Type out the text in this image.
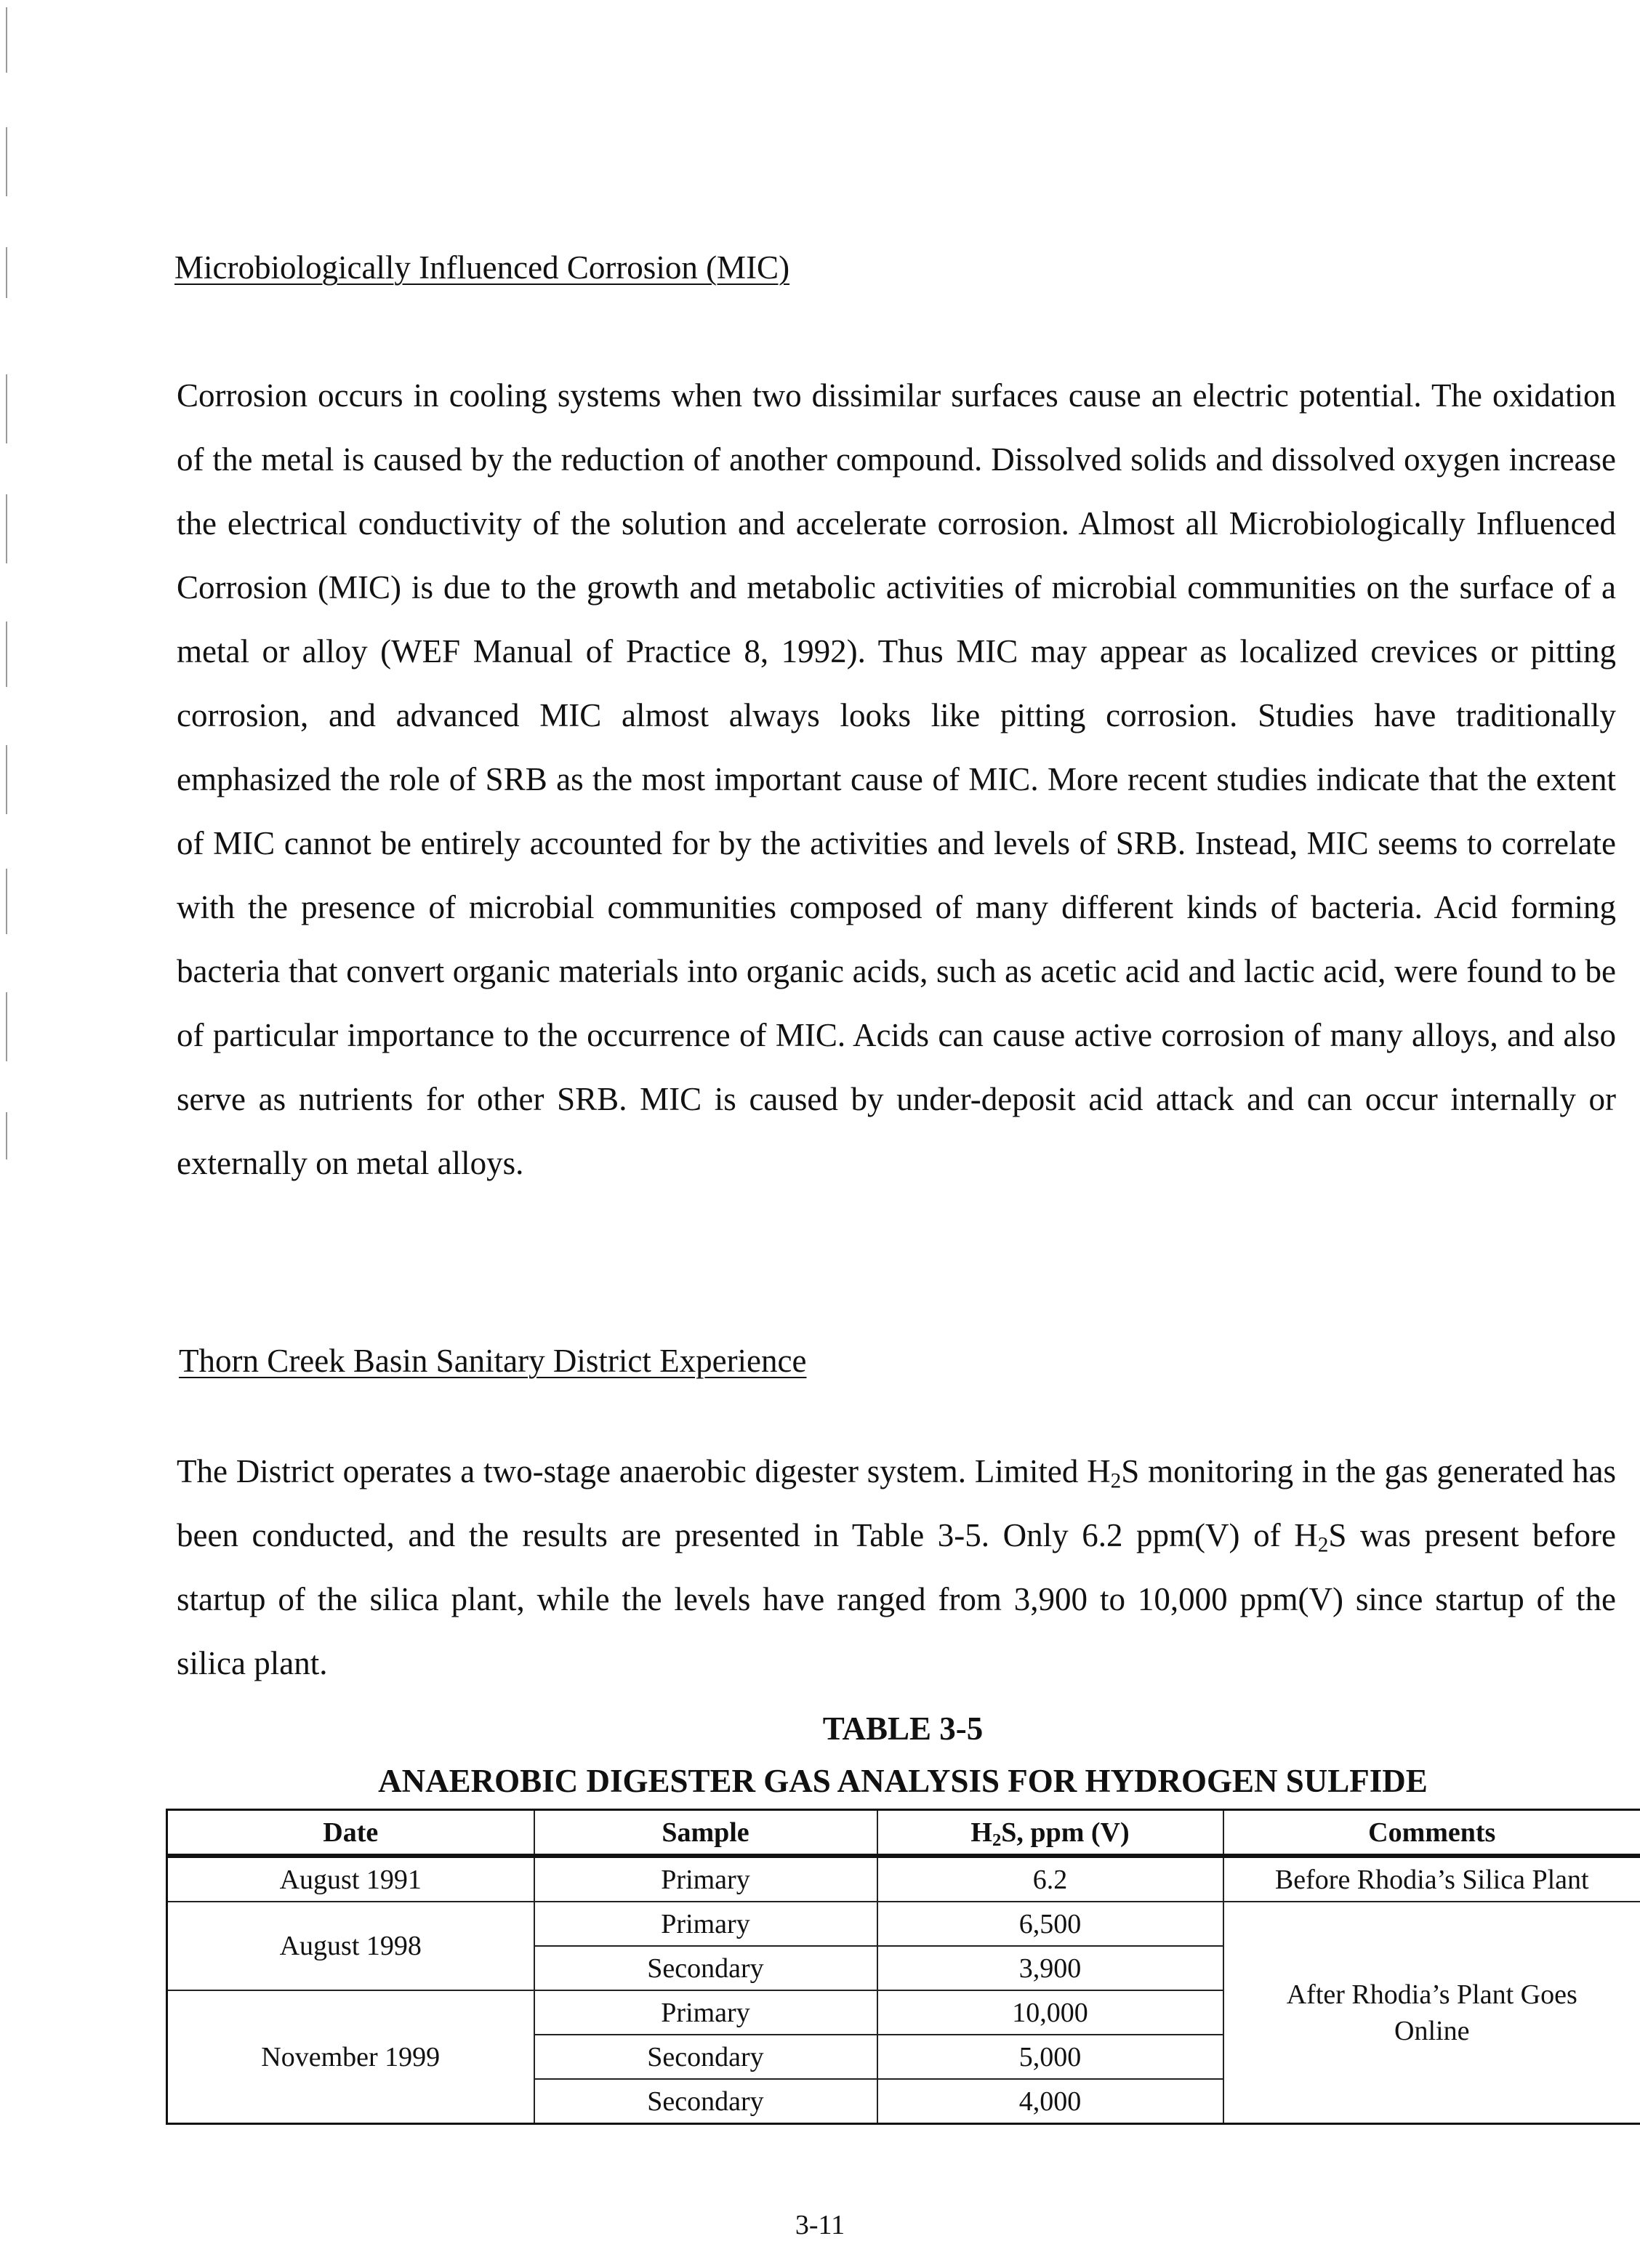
Microbiologically Influenced Corrosion (MIC)

Corrosion occurs in cooling systems when two dissimilar surfaces cause an electric potential. The oxidation of the metal is caused by the reduction of another compound. Dissolved solids and dissolved oxygen increase the electrical conductivity of the solution and accelerate corrosion. Almost all Microbiologically Influenced Corrosion (MIC) is due to the growth and metabolic activities of microbial communities on the surface of a metal or alloy (WEF Manual of Practice 8, 1992). Thus MIC may appear as localized crevices or pitting corrosion, and advanced MIC almost always looks like pitting corrosion. Studies have traditionally emphasized the role of SRB as the most important cause of MIC. More recent studies indicate that the extent of MIC cannot be entirely accounted for by the activities and levels of SRB. Instead, MIC seems to correlate with the presence of microbial communities composed of many different kinds of bacteria. Acid forming bacteria that convert organic materials into organic acids, such as acetic acid and lactic acid, were found to be of particular importance to the occurrence of MIC. Acids can cause active corrosion of many alloys, and also serve as nutrients for other SRB. MIC is caused by under-deposit acid attack and can occur internally or externally on metal alloys.

Thorn Creek Basin Sanitary District Experience

The District operates a two-stage anaerobic digester system. Limited $H_2S$ monitoring in the gas generated has been conducted, and the results are presented in Table 3-5. Only 6.2 ppm(V) of $H_2S$ was present before startup of the silica plant, while the levels have ranged from 3,900 to 10,000 ppm(V) since startup of the silica plant.

TABLE 3-5
ANAEROBIC DIGESTER GAS ANALYSIS FOR HYDROGEN SULFIDE
Date	Sample	$H_2S$, ppm (V)	Comments
August 1991	Primary	6.2	Before Rhodia’s Silica Plant
August 1998	Primary	6,500	After Rhodia’s Plant Goes Online
	Secondary	3,900	
November 1999	Primary	10,000	
	Secondary	5,000	
	Secondary	4,000	
3-11
